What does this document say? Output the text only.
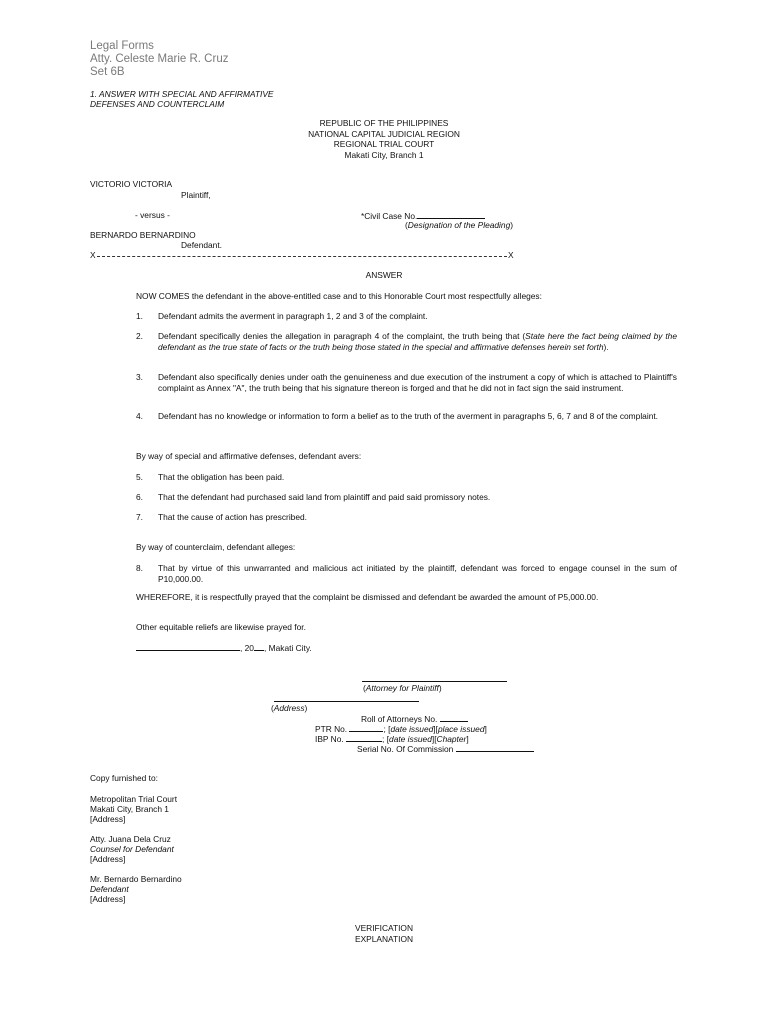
Legal Forms
Atty. Celeste Marie R. Cruz
Set 6B
1. ANSWER WITH SPECIAL AND AFFIRMATIVE
DEFENSES AND COUNTERCLAIM
REPUBLIC OF THE PHILIPPINES
NATIONAL CAPITAL JUDICIAL REGION
REGIONAL TRIAL COURT
Makati City, Branch 1
VICTORIO VICTORIA
Plaintiff,
- versus -	*Civil Case No.
(Designation of the Pleading)
BERNARDO BERNARDINO
Defendant.
X	X
ANSWER
NOW COMES the defendant in the above-entitled case and to this Honorable Court most respectfully alleges:
1. Defendant admits the averment in paragraph 1, 2 and 3 of the complaint.
2. Defendant specifically denies the allegation in paragraph 4 of the complaint, the truth being that (State here the fact being claimed by the defendant as the true state of facts or the truth being those stated in the special and affirmative defenses herein set forth).
3. Defendant also specifically denies under oath the genuineness and due execution of the instrument a copy of which is attached to Plaintiff's complaint as Annex "A", the truth being that his signature thereon is forged and that he did not in fact sign the said instrument.
4. Defendant has no knowledge or information to form a belief as to the truth of the averment in paragraphs 5, 6, 7 and 8 of the complaint.
By way of special and affirmative defenses, defendant avers:
5. That the obligation has been paid.
6. That the defendant had purchased said land from plaintiff and paid said promissory notes.
7. That the cause of action has prescribed.
By way of counterclaim, defendant alleges:
8. That by virtue of this unwarranted and malicious act initiated by the plaintiff, defendant was forced to engage counsel in the sum of P10,000.00.
WHEREFORE, it is respectfully prayed that the complaint be dismissed and defendant be awarded the amount of P5,000.00.
Other equitable reliefs are likewise prayed for.
, 20 , Makati City.
(Attorney for Plaintiff)
(Address)
Roll of Attorneys No.
PTR No.	; [date issued][place issued]
IBP No.	; [date issued][Chapter]
Serial No. Of Commission
Copy furnished to:
Metropolitan Trial Court
Makati City, Branch 1
[Address]
Atty. Juana Dela Cruz
Counsel for Defendant
[Address]
Mr. Bernardo Bernardino
Defendant
[Address]
VERIFICATION
EXPLANATION
